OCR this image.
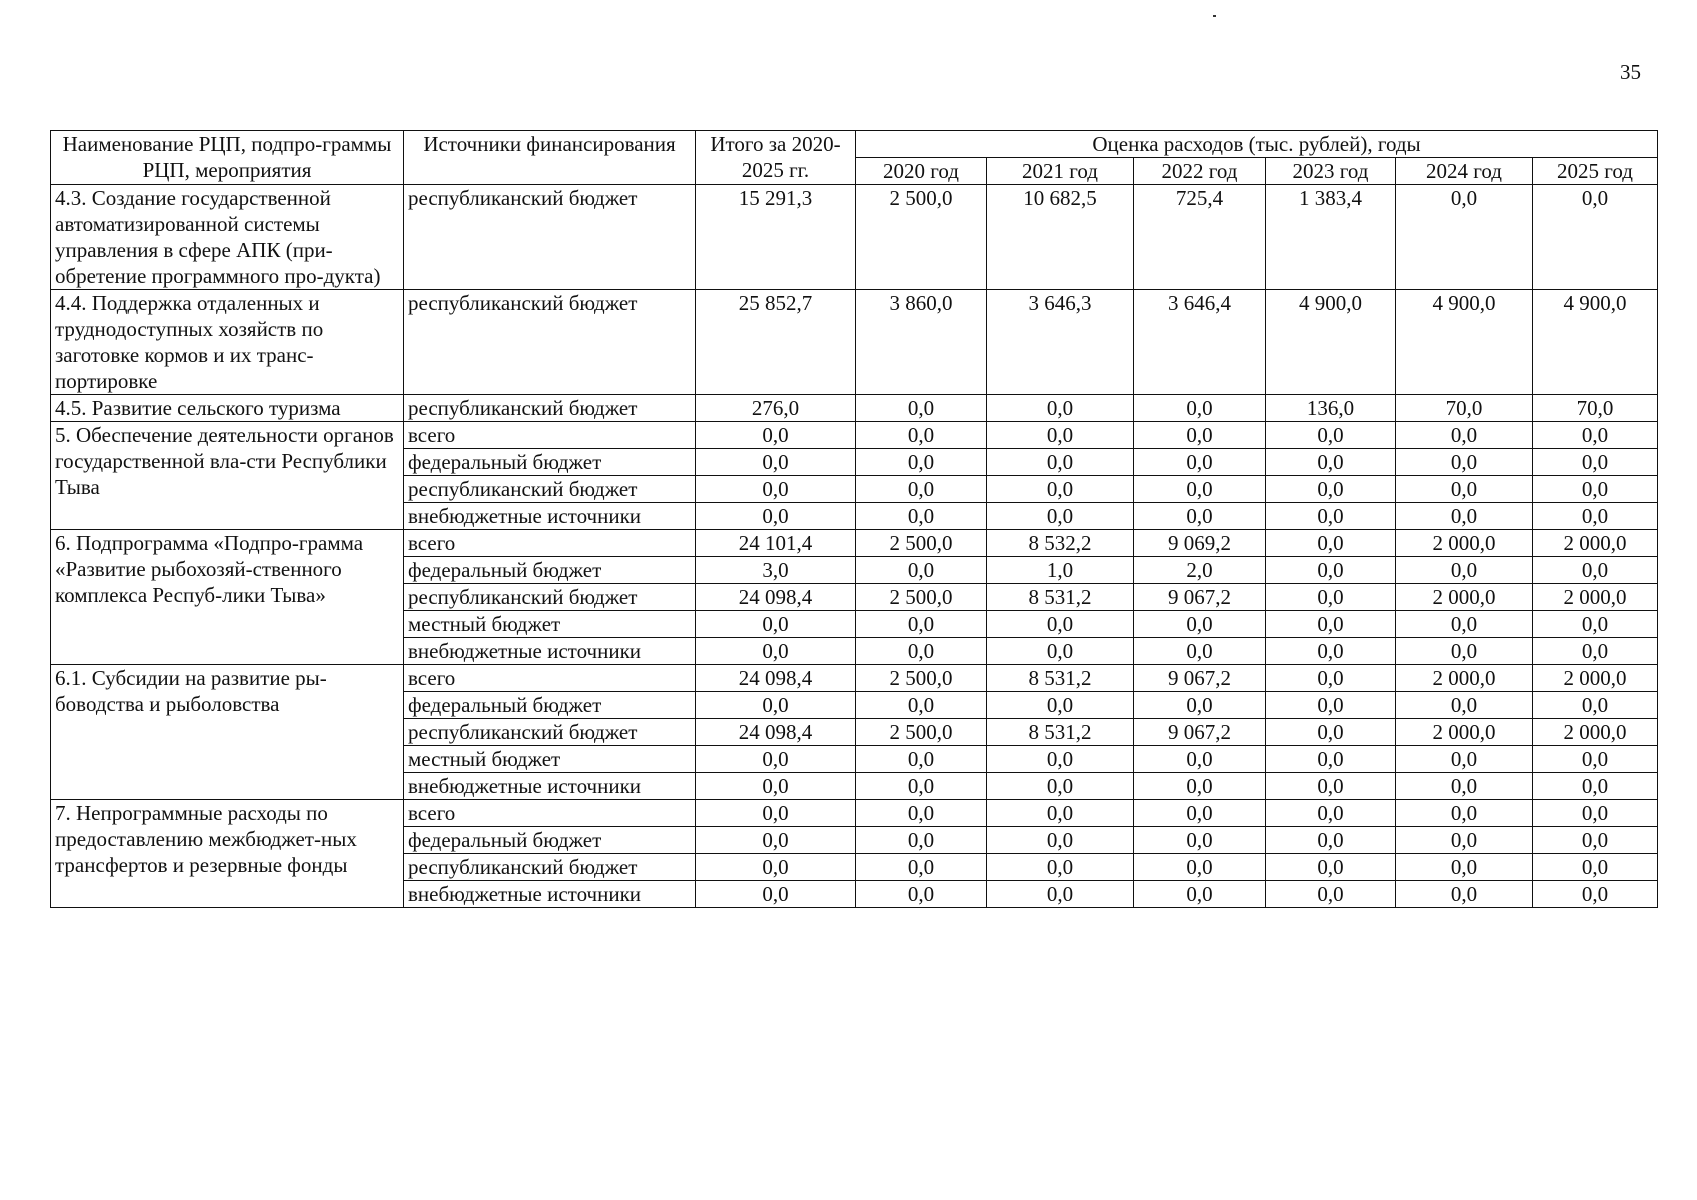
35
Наименование РЦП, подпро-граммы РЦП, мероприятия	Источники финансирования	Итого за 2020-2025 гг.	Оценка расходов (тыс. рублей), годы					
			2020 год	2021 год	2022 год	2023 год	2024 год	2025 год
4.3. Создание государственной автоматизированной системы управления в сфере АПК (при-обретение программного про-дукта)	республиканский бюджет	15 291,3	2 500,0	10 682,5	725,4	1 383,4	0,0	0,0
4.4. Поддержка отдаленных и труднодоступных хозяйств по заготовке кормов и их транс-портировке	республиканский бюджет	25 852,7	3 860,0	3 646,3	3 646,4	4 900,0	4 900,0	4 900,0
4.5. Развитие сельского туризма	республиканский бюджет	276,0	0,0	0,0	0,0	136,0	70,0	70,0
5. Обеспечение деятельности органов государственной вла-сти Республики Тыва	всего	0,0	0,0	0,0	0,0	0,0	0,0	0,0
	федеральный бюджет	0,0	0,0	0,0	0,0	0,0	0,0	0,0
	республиканский бюджет	0,0	0,0	0,0	0,0	0,0	0,0	0,0
	внебюджетные источники	0,0	0,0	0,0	0,0	0,0	0,0	0,0
6. Подпрограмма «Подпро-грамма «Развитие рыбохозяй-ственного комплекса Респуб-лики Тыва»	всего	24 101,4	2 500,0	8 532,2	9 069,2	0,0	2 000,0	2 000,0
	федеральный бюджет	3,0	0,0	1,0	2,0	0,0	0,0	0,0
	республиканский бюджет	24 098,4	2 500,0	8 531,2	9 067,2	0,0	2 000,0	2 000,0
	местный бюджет	0,0	0,0	0,0	0,0	0,0	0,0	0,0
	внебюджетные источники	0,0	0,0	0,0	0,0	0,0	0,0	0,0
6.1. Субсидии на развитие ры-боводства и рыболовства	всего	24 098,4	2 500,0	8 531,2	9 067,2	0,0	2 000,0	2 000,0
	федеральный бюджет	0,0	0,0	0,0	0,0	0,0	0,0	0,0
	республиканский бюджет	24 098,4	2 500,0	8 531,2	9 067,2	0,0	2 000,0	2 000,0
	местный бюджет	0,0	0,0	0,0	0,0	0,0	0,0	0,0
	внебюджетные источники	0,0	0,0	0,0	0,0	0,0	0,0	0,0
7. Непрограммные расходы по предоставлению межбюджет-ных трансфертов и резервные фонды	всего	0,0	0,0	0,0	0,0	0,0	0,0	0,0
	федеральный бюджет	0,0	0,0	0,0	0,0	0,0	0,0	0,0
	республиканский бюджет	0,0	0,0	0,0	0,0	0,0	0,0	0,0
	внебюджетные источники	0,0	0,0	0,0	0,0	0,0	0,0	0,0
